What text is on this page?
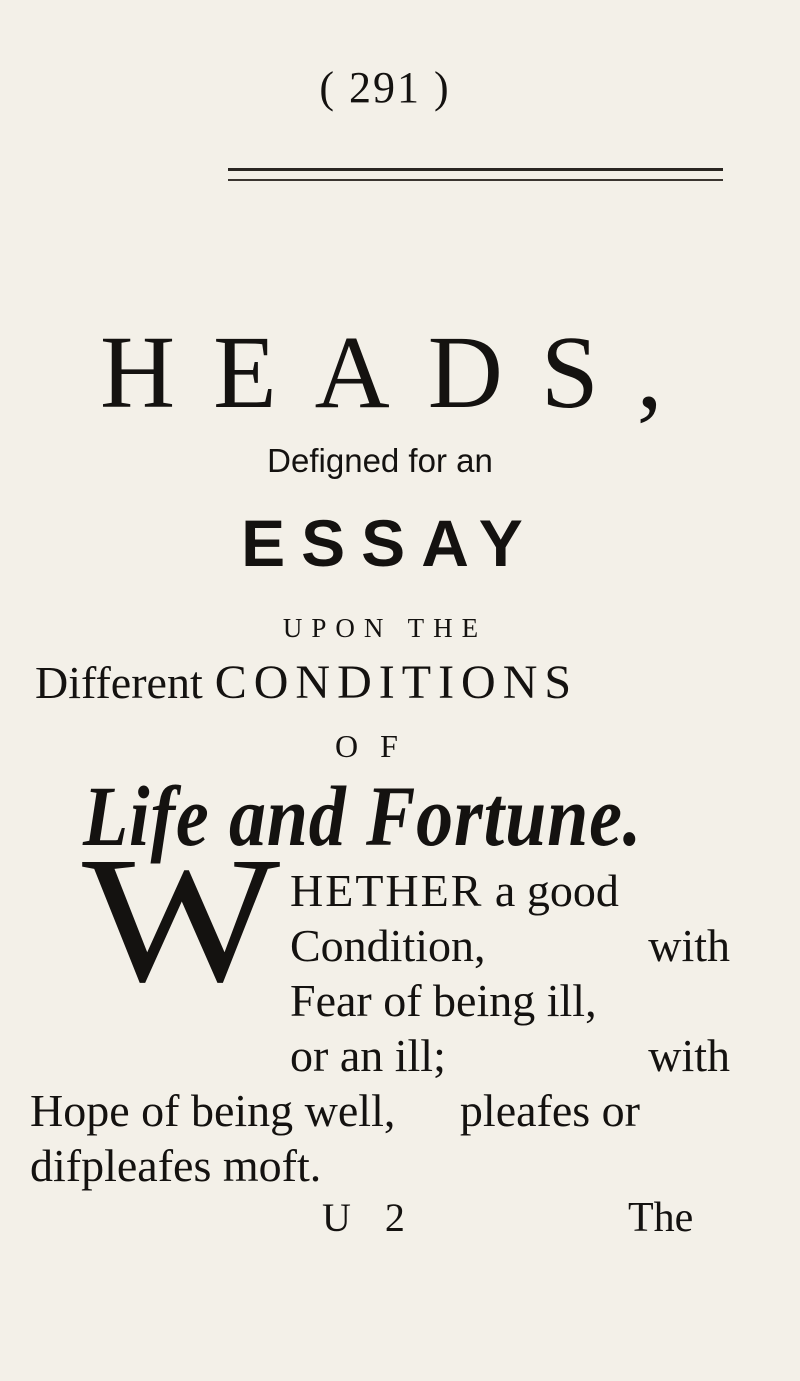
( 291 )
HEADS,
Defigned for an
ESSAY
UPON THE
Different CONDITIONS
OF
Life and Fortune.
W HETHER a good
Condition,	with
Fear of being ill,
or an ill;	with
Hope of being well, pleafes or
difpleafes moft.
U 2	The
